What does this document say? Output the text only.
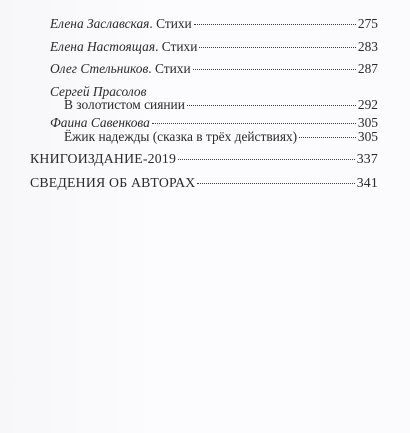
Елена Заславская. Стихи	275
Елена Настоящая. Стихи	283
Олег Стельников. Стихи	287
Сергей Прасолов
В золотистом сиянии	292
Фаина Савенкова	305
Ёжик надежды (сказка в трёх действиях)	305
КНИГОИЗДАНИЕ-2019	337
СВЕДЕНИЯ ОБ АВТОРАХ	341
